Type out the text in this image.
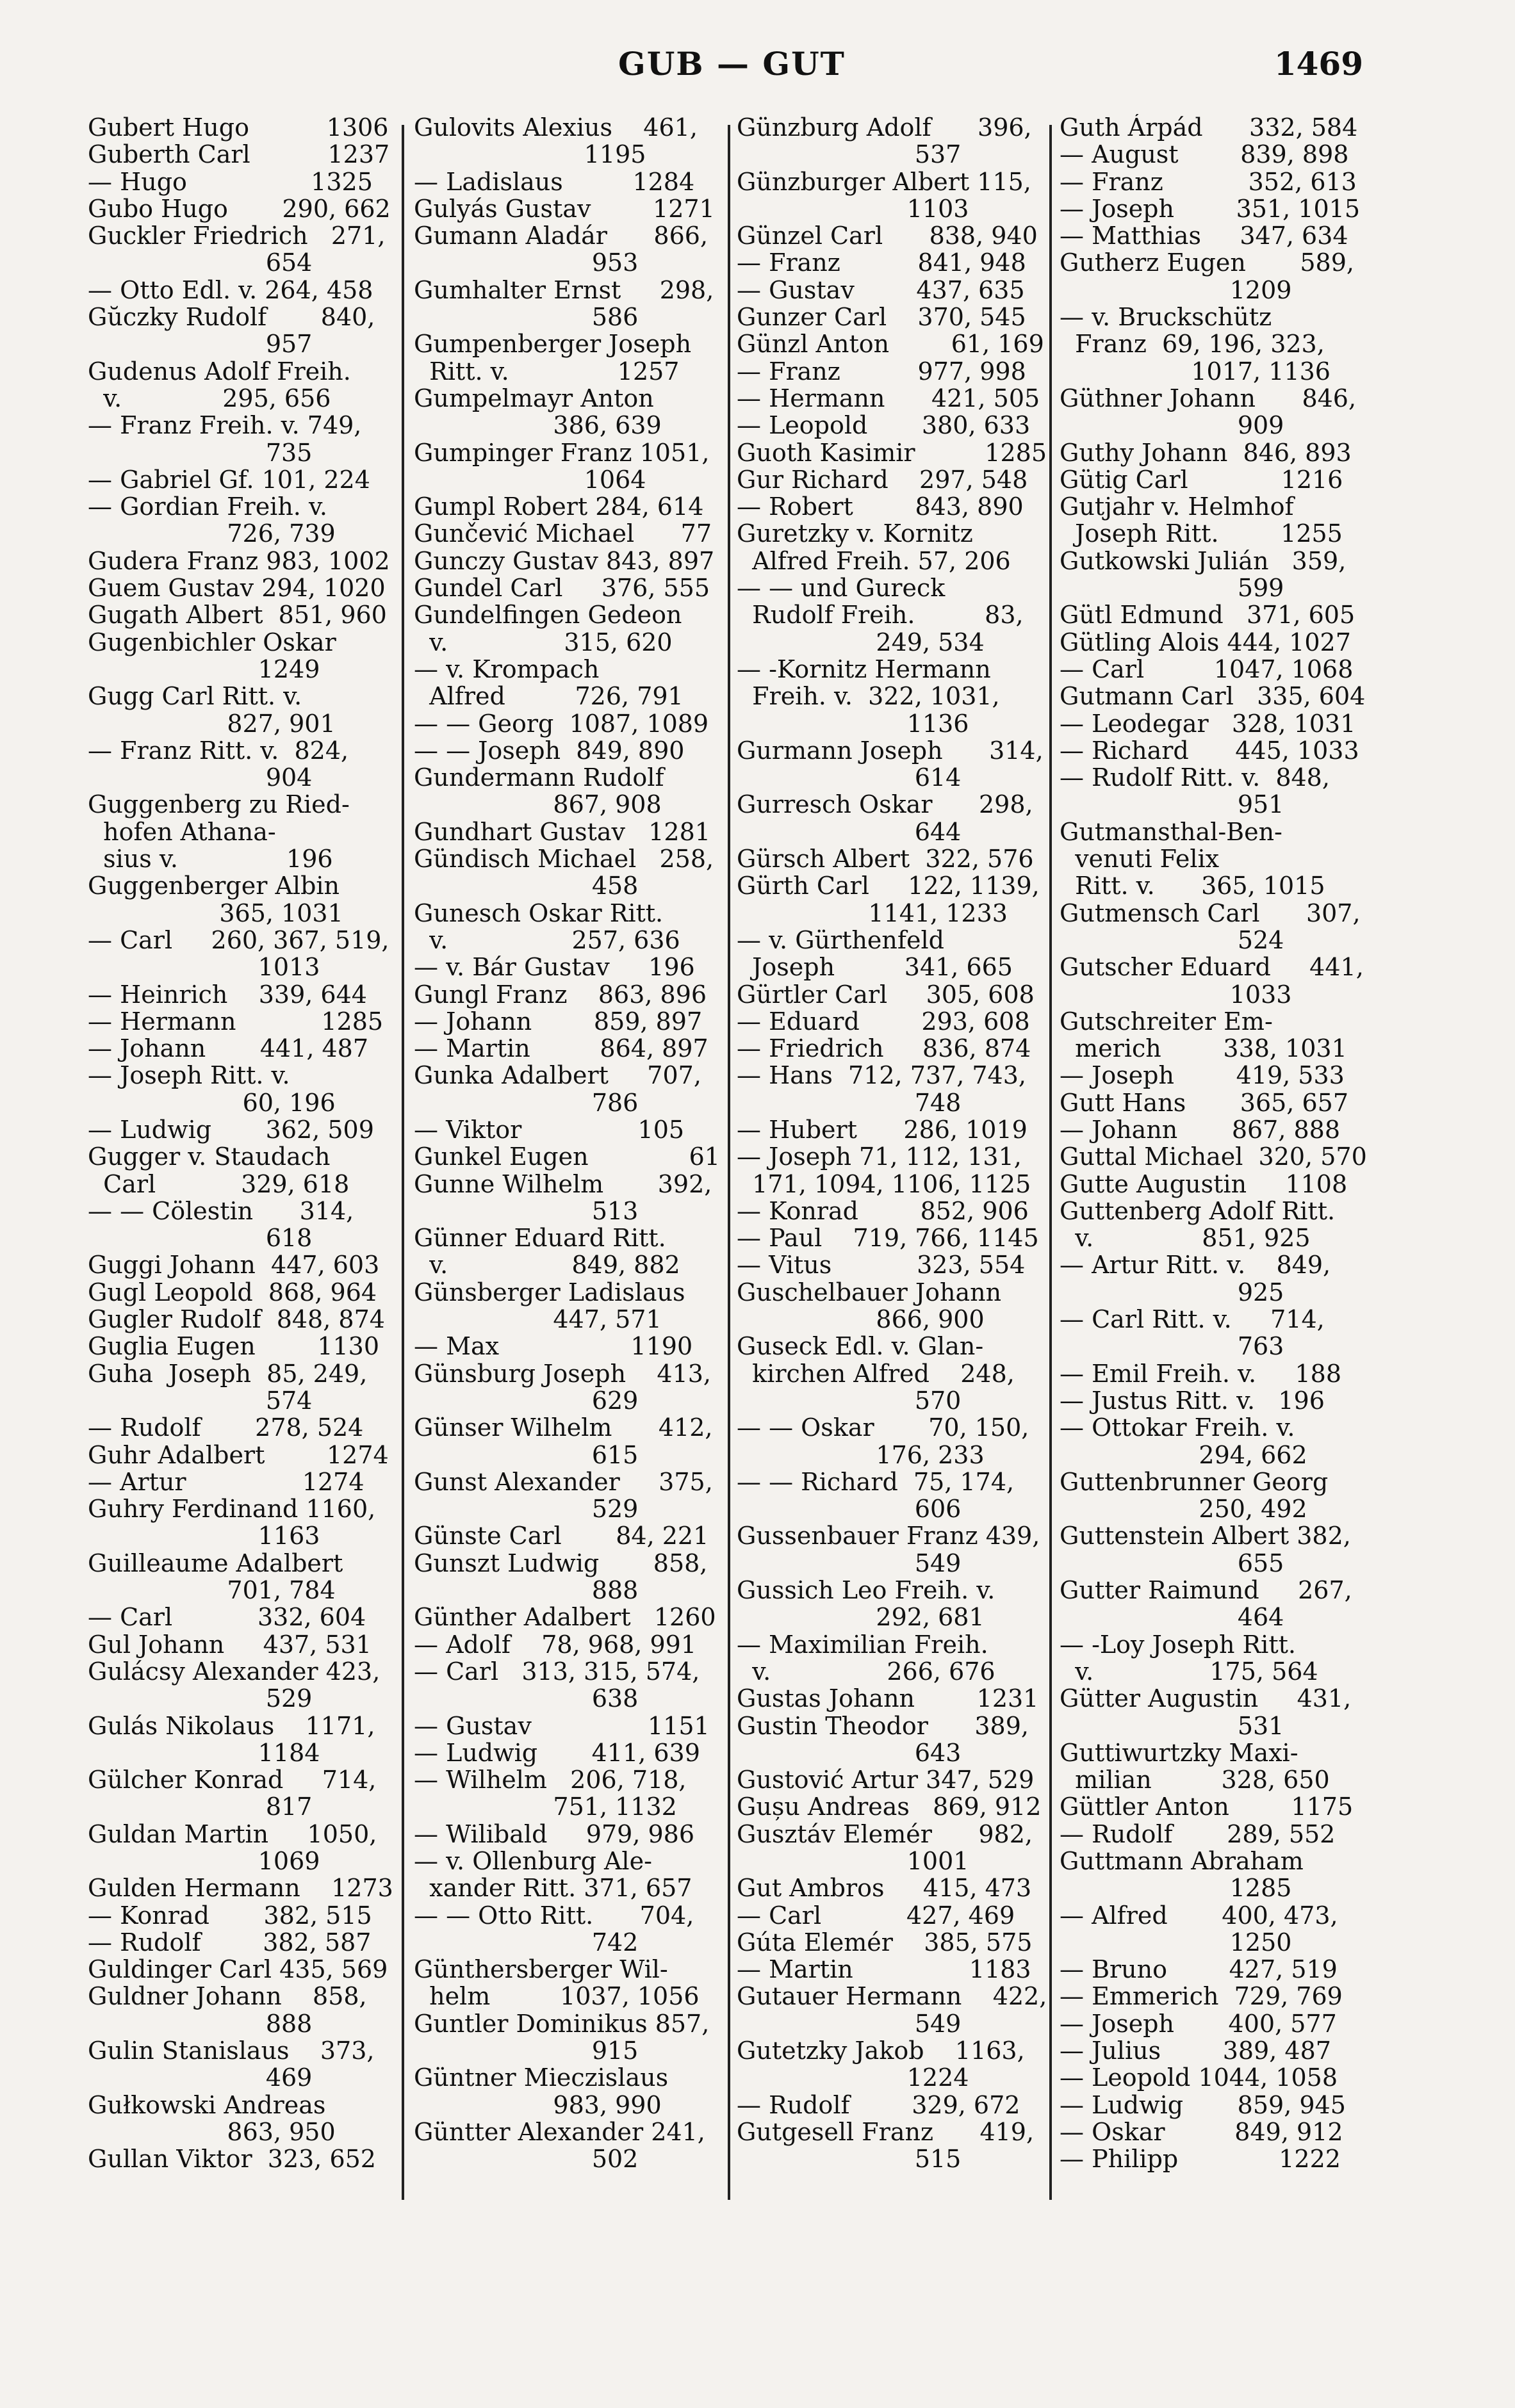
GUB — GUT	1469
Gubert Hugo          1306
Guberth Carl          1237
— Hugo                1325
Gubo Hugo       290, 662
Guckler Friedrich   271,
654
— Otto Edl. v. 264, 458
Gŭczky Rudolf       840,
957
Gudenus Adolf Freih.
v.             295, 656
— Franz Freih. v. 749,
735
— Gabriel Gf. 101, 224
— Gordian Freih. v.
726, 739
Gudera Franz 983, 1002
Guem Gustav 294, 1020
Gugath Albert  851, 960
Gugenbichler Oskar
1249
Gugg Carl Ritt. v.
827, 901
— Franz Ritt. v.  824,
904
Guggenberg zu Ried-
hofen Athana-
sius v.              196
Guggenberger Albin
365, 1031
— Carl     260, 367, 519,
1013
— Heinrich    339, 644
— Hermann           1285
— Johann       441, 487
— Joseph Ritt. v.
60, 196
— Ludwig       362, 509
Gugger v. Staudach
Carl           329, 618
— — Cölestin      314,
618
Guggi Johann  447, 603
Gugl Leopold  868, 964
Gugler Rudolf  848, 874
Guglia Eugen        1130
Guha  Joseph  85, 249,
574
— Rudolf       278, 524
Guhr Adalbert        1274
— Artur               1274
Guhry Ferdinand 1160,
1163
Guilleaume Adalbert
701, 784
— Carl           332, 604
Gul Johann     437, 531
Gulácsy Alexander 423,
529
Gulás Nikolaus    1171,
1184
Gülcher Konrad     714,
817
Guldan Martin     1050,
1069
Gulden Hermann    1273
— Konrad       382, 515
— Rudolf        382, 587
Guldinger Carl 435, 569
Guldner Johann    858,
888
Gulin Stanislaus    373,
469
Gułkowski Andreas
863, 950
Gullan Viktor  323, 652
Gulovits Alexius    461,
1195
— Ladislaus         1284
Gulyás Gustav        1271
Gumann Aladár      866,
953
Gumhalter Ernst     298,
586
Gumpenberger Joseph
Ritt. v.              1257
Gumpelmayr Anton
386, 639
Gumpinger Franz 1051,
1064
Gumpl Robert 284, 614
Gunčević Michael      77
Gunczy Gustav 843, 897
Gundel Carl     376, 555
Gundelfingen Gedeon
v.               315, 620
— v. Krompach
Alfred         726, 791
— — Georg  1087, 1089
— — Joseph  849, 890
Gundermann Rudolf
867, 908
Gundhart Gustav   1281
Gündisch Michael   258,
458
Gunesch Oskar Ritt.
v.                257, 636
— v. Bár Gustav     196
Gungl Franz    863, 896
— Johann        859, 897
— Martin         864, 897
Gunka Adalbert     707,
786
— Viktor               105
Gunkel Eugen             61
Gunne Wilhelm       392,
513
Günner Eduard Ritt.
v.                849, 882
Günsberger Ladislaus
447, 571
— Max                 1190
Günsburg Joseph    413,
629
Günser Wilhelm      412,
615
Gunst Alexander     375,
529
Günste Carl       84, 221
Gunszt Ludwig       858,
888
Günther Adalbert   1260
— Adolf    78, 968, 991
— Carl   313, 315, 574,
638
— Gustav               1151
— Ludwig       411, 639
— Wilhelm   206, 718,
751, 1132
— Wilibald     979, 986
— v. Ollenburg Ale-
xander Ritt. 371, 657
— — Otto Ritt.      704,
742
Günthersberger Wil-
helm         1037, 1056
Guntler Dominikus 857,
915
Güntner Mieczislaus
983, 990
Güntter Alexander 241,
502
Günzburg Adolf      396,
537
Günzburger Albert 115,
1103
Günzel Carl      838, 940
— Franz          841, 948
— Gustav        437, 635
Gunzer Carl    370, 545
Günzl Anton        61, 169
— Franz          977, 998
— Hermann      421, 505
— Leopold       380, 633
Guoth Kasimir         1285
Gur Richard    297, 548
— Robert        843, 890
Guretzky v. Kornitz
Alfred Freih. 57, 206
— — und Gureck
Rudolf Freih.         83,
249, 534
— -Kornitz Hermann
Freih. v.  322, 1031,
1136
Gurmann Joseph      314,
614
Gurresch Oskar      298,
644
Gürsch Albert  322, 576
Gürth Carl     122, 1139,
1141, 1233
— v. Gürthenfeld
Joseph         341, 665
Gürtler Carl     305, 608
— Eduard        293, 608
— Friedrich     836, 874
— Hans  712, 737, 743,
748
— Hubert      286, 1019
— Joseph 71, 112, 131,
171, 1094, 1106, 1125
— Konrad        852, 906
— Paul    719, 766, 1145
— Vitus           323, 554
Guschelbauer Johann
866, 900
Guseck Edl. v. Glan-
kirchen Alfred    248,
570
— — Oskar       70, 150,
176, 233
— — Richard  75, 174,
606
Gussenbauer Franz 439,
549
Gussich Leo Freih. v.
292, 681
— Maximilian Freih.
v.               266, 676
Gustas Johann        1231
Gustin Theodor      389,
643
Gustović Artur 347, 529
Gușu Andreas   869, 912
Gusztáv Elemér      982,
1001
Gut Ambros     415, 473
— Carl           427, 469
Gúta Elemér    385, 575
— Martin               1183
Gutauer Hermann    422,
549
Gutetzky Jakob    1163,
1224
— Rudolf        329, 672
Gutgesell Franz      419,
515
Guth Árpád      332, 584
— August        839, 898
— Franz           352, 613
— Joseph        351, 1015
— Matthias     347, 634
Gutherz Eugen       589,
1209
— v. Bruckschütz
Franz  69, 196, 323,
1017, 1136
Güthner Johann      846,
909
Guthy Johann  846, 893
Gütig Carl            1216
Gutjahr v. Helmhof
Joseph Ritt.        1255
Gutkowski Julián   359,
599
Gütl Edmund   371, 605
Gütling Alois 444, 1027
— Carl         1047, 1068
Gutmann Carl   335, 604
— Leodegar   328, 1031
— Richard      445, 1033
— Rudolf Ritt. v.  848,
951
Gutmansthal-Ben-
venuti Felix
Ritt. v.      365, 1015
Gutmensch Carl      307,
524
Gutscher Eduard     441,
1033
Gutschreiter Em-
merich        338, 1031
— Joseph        419, 533
Gutt Hans       365, 657
— Johann       867, 888
Guttal Michael  320, 570
Gutte Augustin     1108
Guttenberg Adolf Ritt.
v.              851, 925
— Artur Ritt. v.    849,
925
— Carl Ritt. v.     714,
763
— Emil Freih. v.     188
— Justus Ritt. v.   196
— Ottokar Freih. v.
294, 662
Guttenbrunner Georg
250, 492
Guttenstein Albert 382,
655
Gutter Raimund     267,
464
— -Loy Joseph Ritt.
v.               175, 564
Gütter Augustin     431,
531
Guttiwurtzky Maxi-
milian         328, 650
Güttler Anton        1175
— Rudolf       289, 552
Guttmann Abraham
1285
— Alfred       400, 473,
1250
— Bruno        427, 519
— Emmerich  729, 769
— Joseph       400, 577
— Julius        389, 487
— Leopold 1044, 1058
— Ludwig       859, 945
— Oskar         849, 912
— Philipp             1222
